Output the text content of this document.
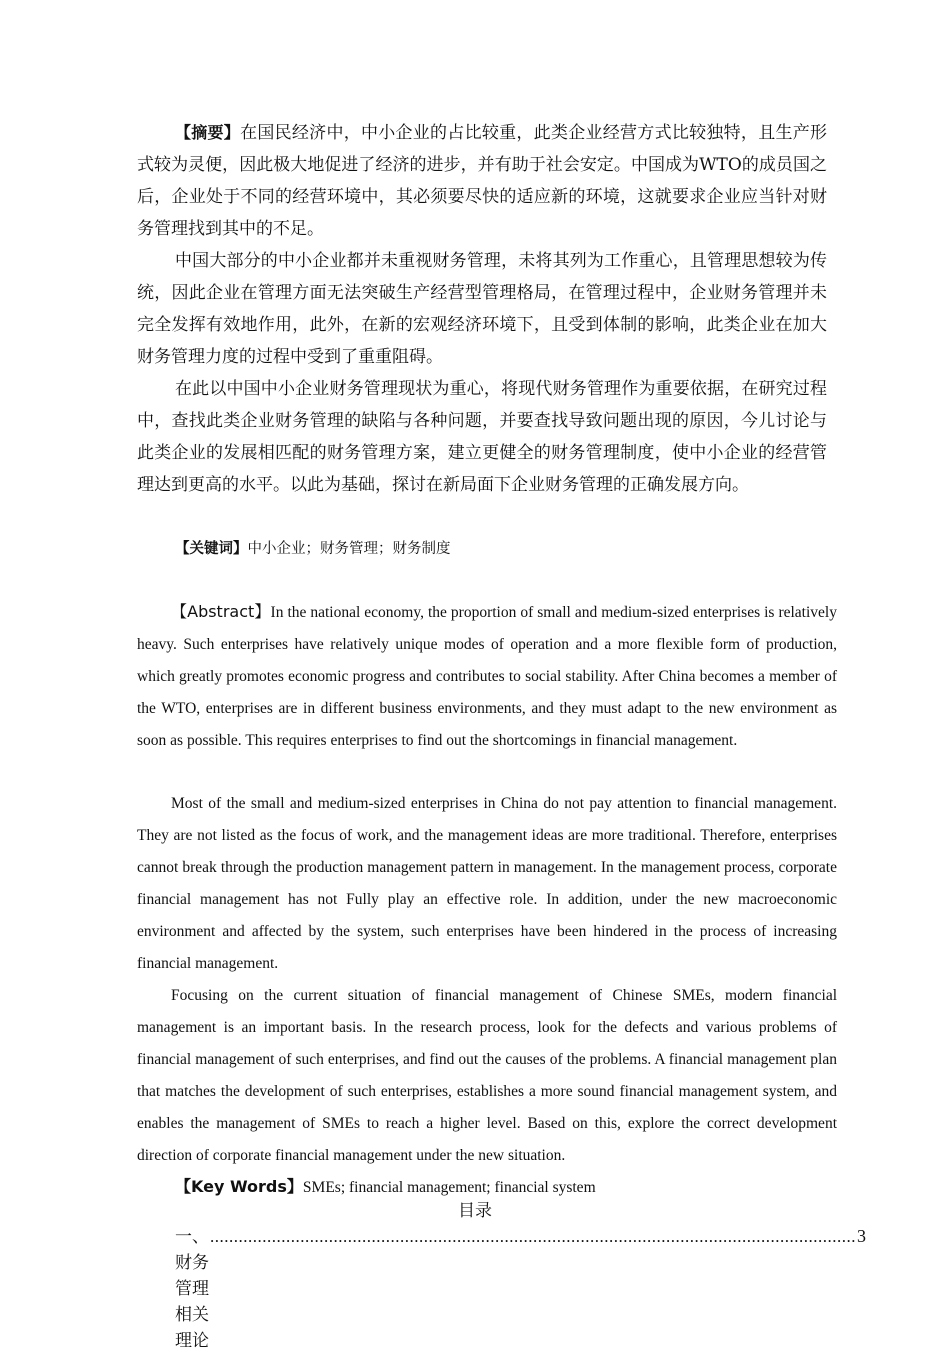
【摘要】在国民经济中，中小企业的占比较重，此类企业经营方式比较独特，且生产形式较为灵便，因此极大地促进了经济的进步，并有助于社会安定。中国成为WTO的成员国之后，企业处于不同的经营环境中，其必须要尽快的适应新的环境，这就要求企业应当针对财务管理找到其中的不足。

中国大部分的中小企业都并未重视财务管理，未将其列为工作重心，且管理思想较为传统，因此企业在管理方面无法突破生产经营型管理格局，在管理过程中，企业财务管理并未完全发挥有效地作用，此外，在新的宏观经济环境下，且受到体制的影响，此类企业在加大财务管理力度的过程中受到了重重阻碍。

在此以中国中小企业财务管理现状为重心，将现代财务管理作为重要依据，在研究过程中，查找此类企业财务管理的缺陷与各种问题，并要查找导致问题出现的原因，今儿讨论与此类企业的发展相匹配的财务管理方案，建立更健全的财务管理制度，使中小企业的经营管理达到更高的水平。以此为基础，探讨在新局面下企业财务管理的正确发展方向。

【关键词】中小企业；财务管理；财务制度

【Abstract】In the national economy, the proportion of small and medium-sized enterprises is relatively heavy. Such enterprises have relatively unique modes of operation and a more flexible form of production, which greatly promotes economic progress and contributes to social stability. After China becomes a member of the WTO, enterprises are in different business environments, and they must adapt to the new environment as soon as possible. This requires enterprises to find out the shortcomings in financial management.

Most of the small and medium-sized enterprises in China do not pay attention to financial management. They are not listed as the focus of work, and the management ideas are more traditional. Therefore, enterprises cannot break through the production management pattern in management. In the management process, corporate financial management has not Fully play an effective role. In addition, under the new macroeconomic environment and affected by the system, such enterprises have been hindered in the process of increasing financial management.

Focusing on the current situation of financial management of Chinese SMEs, modern financial management is an important basis. In the research process, look for the defects and various problems of financial management of such enterprises, and find out the causes of the problems. A financial management plan that matches the development of such enterprises, establishes a more sound financial management system, and enables the management of SMEs to reach a higher level. Based on this, explore the correct development direction of corporate financial management under the new situation.

【Key Words】SMEs; financial management; financial system

目录

一、财务管理相关理论
........................................................................................................................................ 3
